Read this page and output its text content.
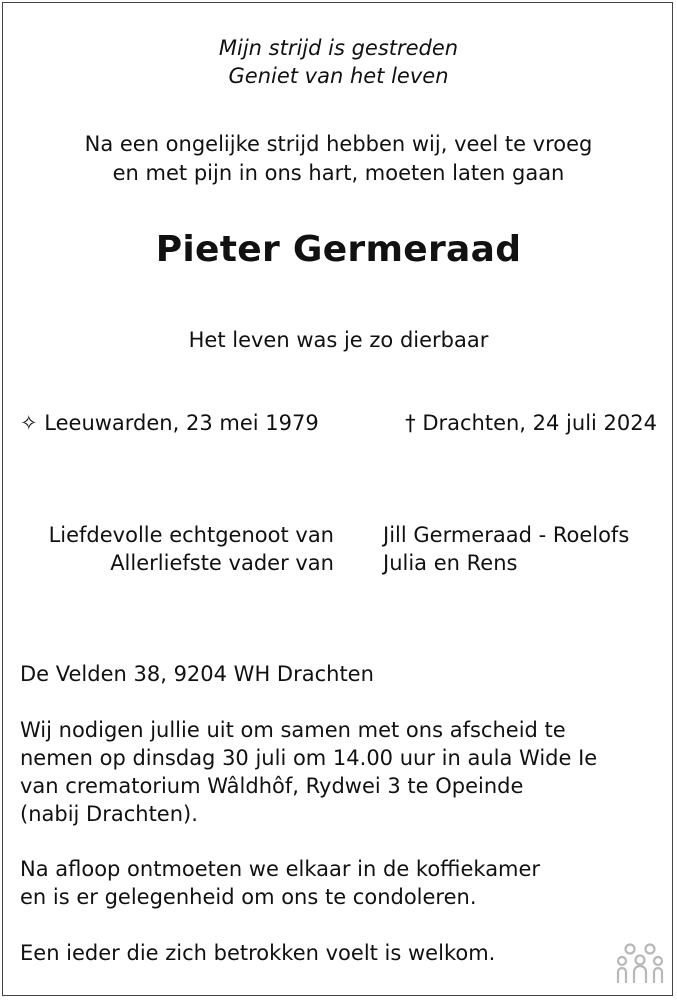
Mijn strijd is gestreden
Geniet van het leven
Na een ongelijke strijd hebben wij, veel te vroeg
en met pijn in ons hart, moeten laten gaan
Pieter Germeraad
Het leven was je zo dierbaar
✧ Leeuwarden, 23 mei 1979	† Drachten, 24 juli 2024
Liefdevolle echtgenoot van Jill Germeraad - Roelofs
Allerliefste vader van Julia en Rens
De Velden 38, 9204 WH Drachten
Wij nodigen jullie uit om samen met ons afscheid te
nemen op dinsdag 30 juli om 14.00 uur in aula Wide Ie
van crematorium Wâldhôf, Rydwei 3 te Opeinde
(nabij Drachten).
Na afloop ontmoeten we elkaar in de koffiekamer
en is er gelegenheid om ons te condoleren.
Een ieder die zich betrokken voelt is welkom.
